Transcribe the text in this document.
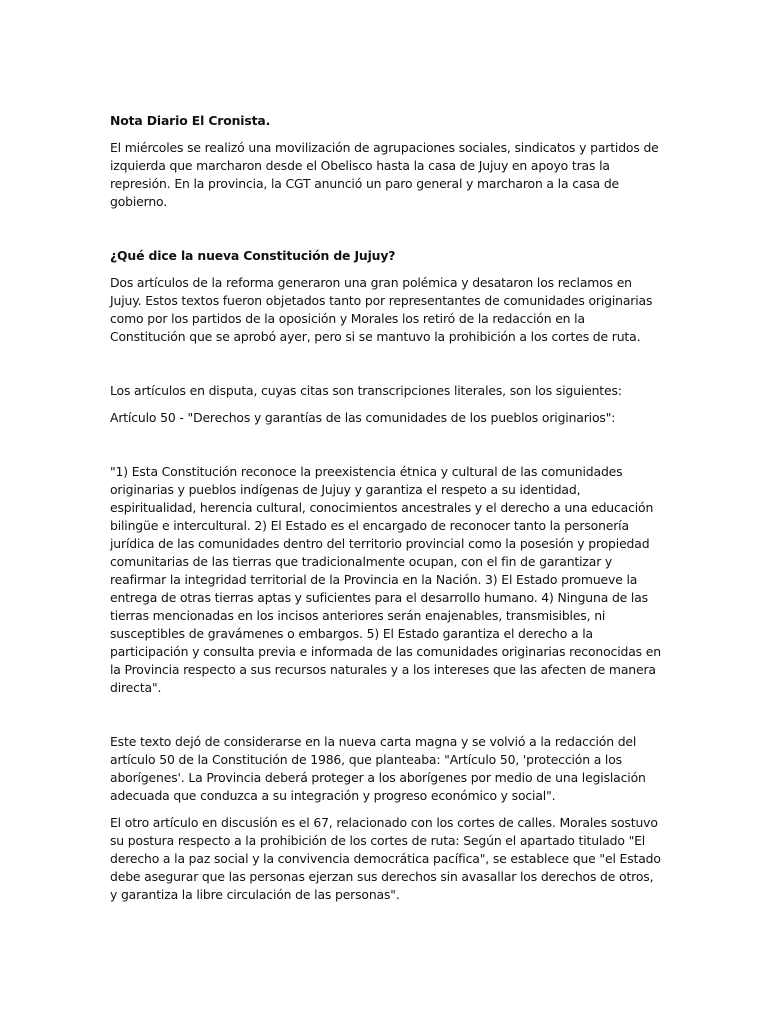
Nota Diario El Cronista.

El miércoles se realizó una movilización de agrupaciones sociales, sindicatos y partidos de izquierda que marcharon desde el Obelisco hasta la casa de Jujuy en apoyo tras la represión. En la provincia, la CGT anunció un paro general y marcharon a la casa de gobierno.

¿Qué dice la nueva Constitución de Jujuy?

Dos artículos de la reforma generaron una gran polémica y desataron los reclamos en Jujuy. Estos textos fueron objetados tanto por representantes de comunidades originarias como por los partidos de la oposición y Morales los retiró de la redacción en la Constitución que se aprobó ayer, pero si se mantuvo la prohibición a los cortes de ruta.

Los artículos en disputa, cuyas citas son transcripciones literales, son los siguientes:

Artículo 50 - "Derechos y garantías de las comunidades de los pueblos originarios":

"1) Esta Constitución reconoce la preexistencia étnica y cultural de las comunidades originarias y pueblos indígenas de Jujuy y garantiza el respeto a su identidad, espiritualidad, herencia cultural, conocimientos ancestrales y el derecho a una educación bilingüe e intercultural. 2) El Estado es el encargado de reconocer tanto la personería jurídica de las comunidades dentro del territorio provincial como la posesión y propiedad comunitarias de las tierras que tradicionalmente ocupan, con el fin de garantizar y reafirmar la integridad territorial de la Provincia en la Nación. 3) El Estado promueve la entrega de otras tierras aptas y suficientes para el desarrollo humano. 4) Ninguna de las tierras mencionadas en los incisos anteriores serán enajenables, transmisibles, ni susceptibles de gravámenes o embargos. 5) El Estado garantiza el derecho a la participación y consulta previa e informada de las comunidades originarias reconocidas en la Provincia respecto a sus recursos naturales y a los intereses que las afecten de manera directa".

Este texto dejó de considerarse en la nueva carta magna y se volvió a la redacción del artículo 50 de la Constitución de 1986, que planteaba: "Artículo 50, 'protección a los aborígenes'. La Provincia deberá proteger a los aborígenes por medio de una legislación adecuada que conduzca a su integración y progreso económico y social".

El otro artículo en discusión es el 67, relacionado con los cortes de calles. Morales sostuvo su postura respecto a la prohibición de los cortes de ruta: Según el apartado titulado "El derecho a la paz social y la convivencia democrática pacífica", se establece que "el Estado debe asegurar que las personas ejerzan sus derechos sin avasallar los derechos de otros, y garantiza la libre circulación de las personas".
